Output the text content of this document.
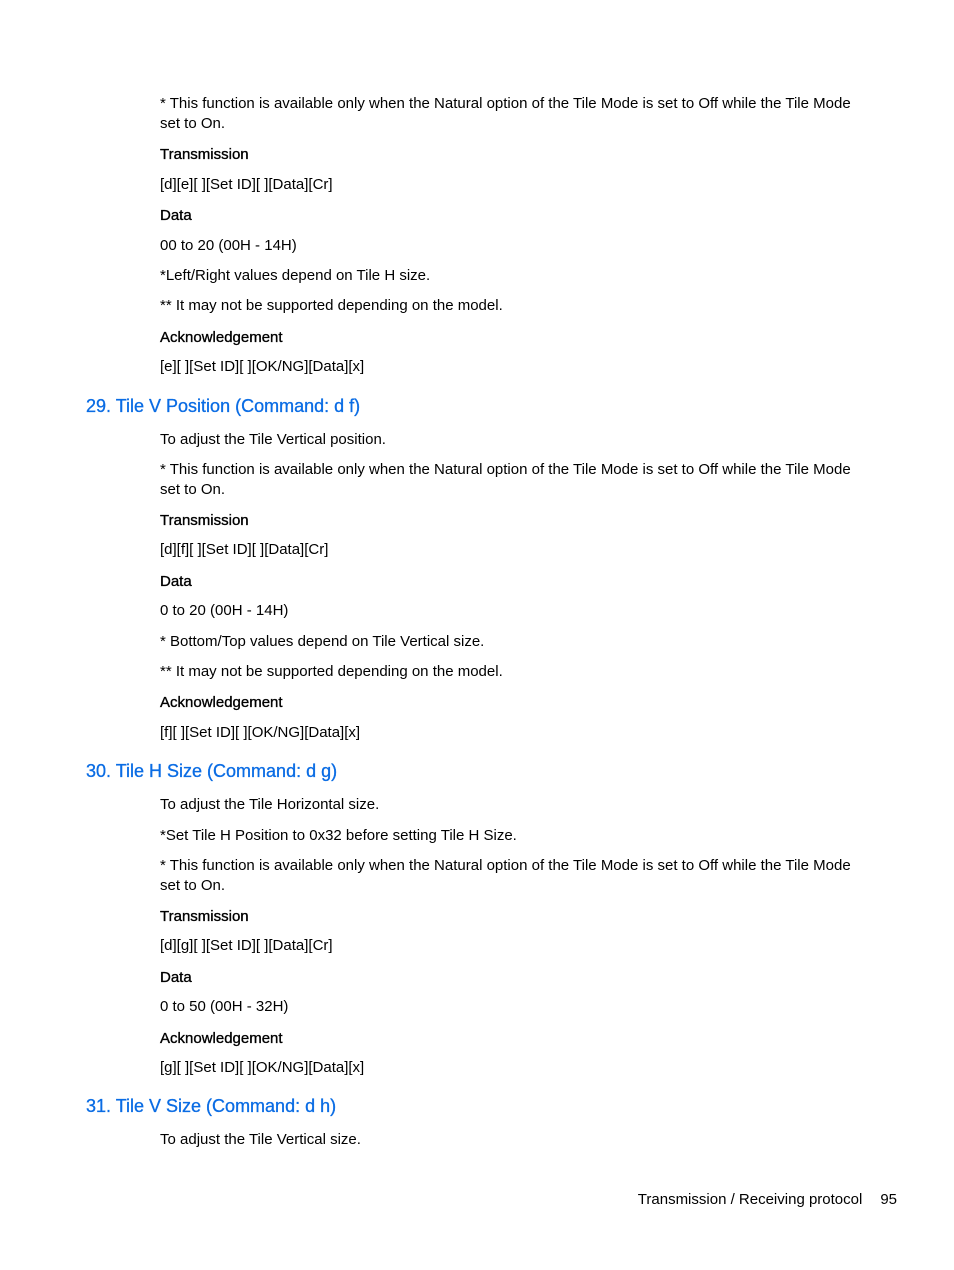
* This function is available only when the Natural option of the Tile Mode is set to Off while the Tile Mode set to On.

Transmission

[d][e][ ][Set ID][ ][Data][Cr]

Data

00 to 20 (00H - 14H)

*Left/Right values depend on Tile H size.

** It may not be supported depending on the model.

Acknowledgement

[e][ ][Set ID][ ][OK/NG][Data][x]

29. Tile V Position (Command: d f)

To adjust the Tile Vertical position.

* This function is available only when the Natural option of the Tile Mode is set to Off while the Tile Mode set to On.

Transmission

[d][f][ ][Set ID][ ][Data][Cr]

Data

0 to 20 (00H - 14H)

* Bottom/Top values depend on Tile Vertical size.

** It may not be supported depending on the model.

Acknowledgement

[f][ ][Set ID][ ][OK/NG][Data][x]

30. Tile H Size (Command: d g)

To adjust the Tile Horizontal size.

*Set Tile H Position to 0x32 before setting Tile H Size.

* This function is available only when the Natural option of the Tile Mode is set to Off while the Tile Mode set to On.

Transmission

[d][g][ ][Set ID][ ][Data][Cr]

Data

0 to 50 (00H - 32H)

Acknowledgement

[g][ ][Set ID][ ][OK/NG][Data][x]

31. Tile V Size (Command: d h)

To adjust the Tile Vertical size.

Transmission / Receiving protocol 95
